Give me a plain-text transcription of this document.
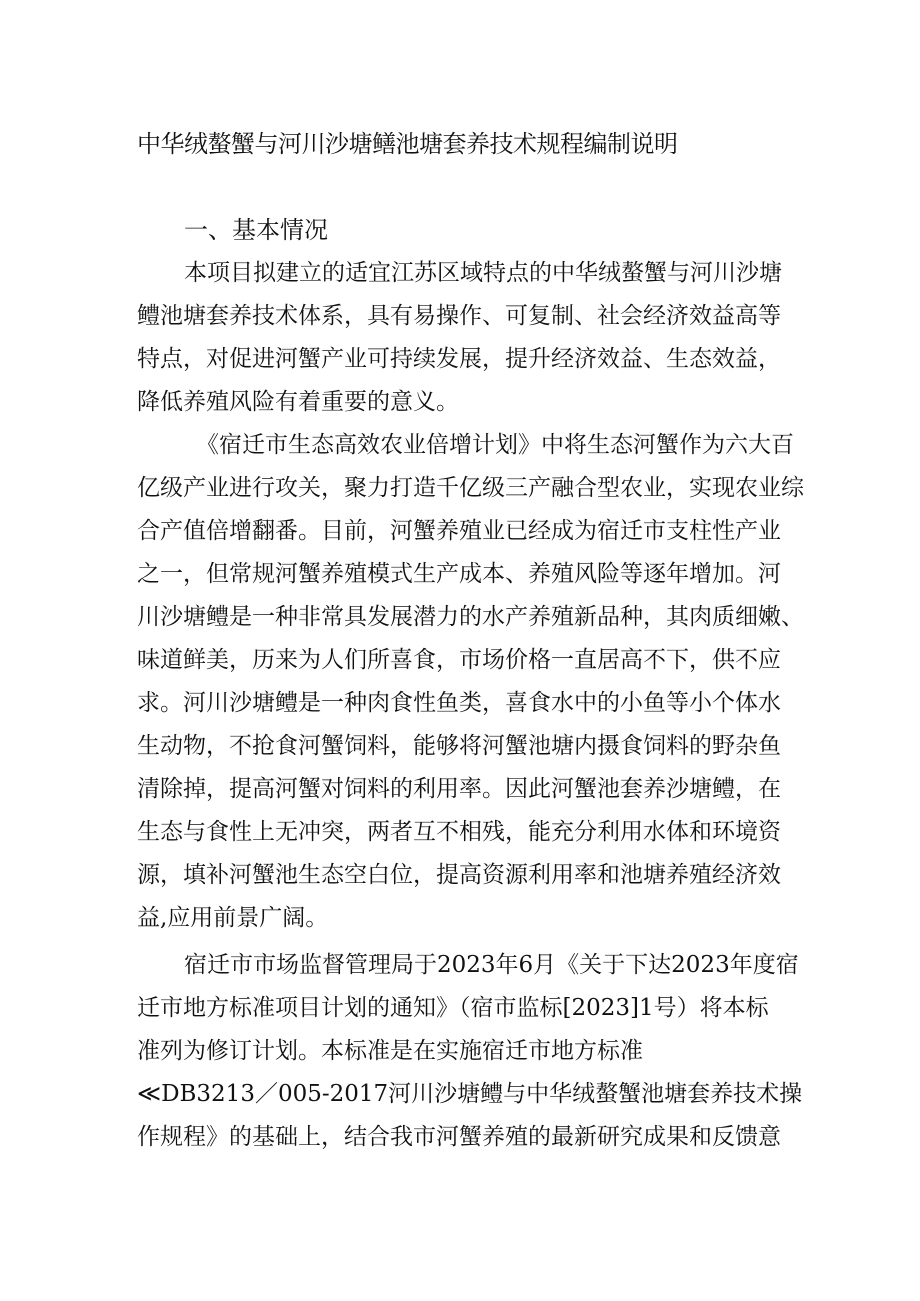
中华绒螯蟹与河川沙塘鳝池塘套养技术规程编制说明
一、基本情况
本项目拟建立的适宜江苏区域特点的中华绒螯蟹与河川沙塘
鳢池塘套养技术体系，具有易操作、可复制、社会经济效益高等
特点，对促进河蟹产业可持续发展，提升经济效益、生态效益，
降低养殖风险有着重要的意义。
《宿迁市生态高效农业倍增计划》中将生态河蟹作为六大百
亿级产业进行攻关，聚力打造千亿级三产融合型农业，实现农业综
合产值倍增翻番。目前，河蟹养殖业已经成为宿迁市支柱性产业
之一，但常规河蟹养殖模式生产成本、养殖风险等逐年增加。河
川沙塘鳢是一种非常具发展潜力的水产养殖新品种，其肉质细嫩、
味道鲜美，历来为人们所喜食，市场价格一直居高不下，供不应
求。河川沙塘鳢是一种肉食性鱼类，喜食水中的小鱼等小个体水
生动物，不抢食河蟹饲料，能够将河蟹池塘内摄食饲料的野杂鱼
清除掉，提高河蟹对饲料的利用率。因此河蟹池套养沙塘鳢，在
生态与食性上无冲突，两者互不相残，能充分利用水体和环境资
源，填补河蟹池生态空白位，提高资源利用率和池塘养殖经济效
益,应用前景广阔。
宿迁市市场监督管理局于2023年6月《关于下达2023年度宿
迁市地方标准项目计划的通知》（宿市监标[2023]1号）将本标
准列为修订计划。本标准是在实施宿迁市地方标准
≪DB3213／005-2017河川沙塘鳢与中华绒螯蟹池塘套养技术操
作规程》的基础上，结合我市河蟹养殖的最新研究成果和反馈意
